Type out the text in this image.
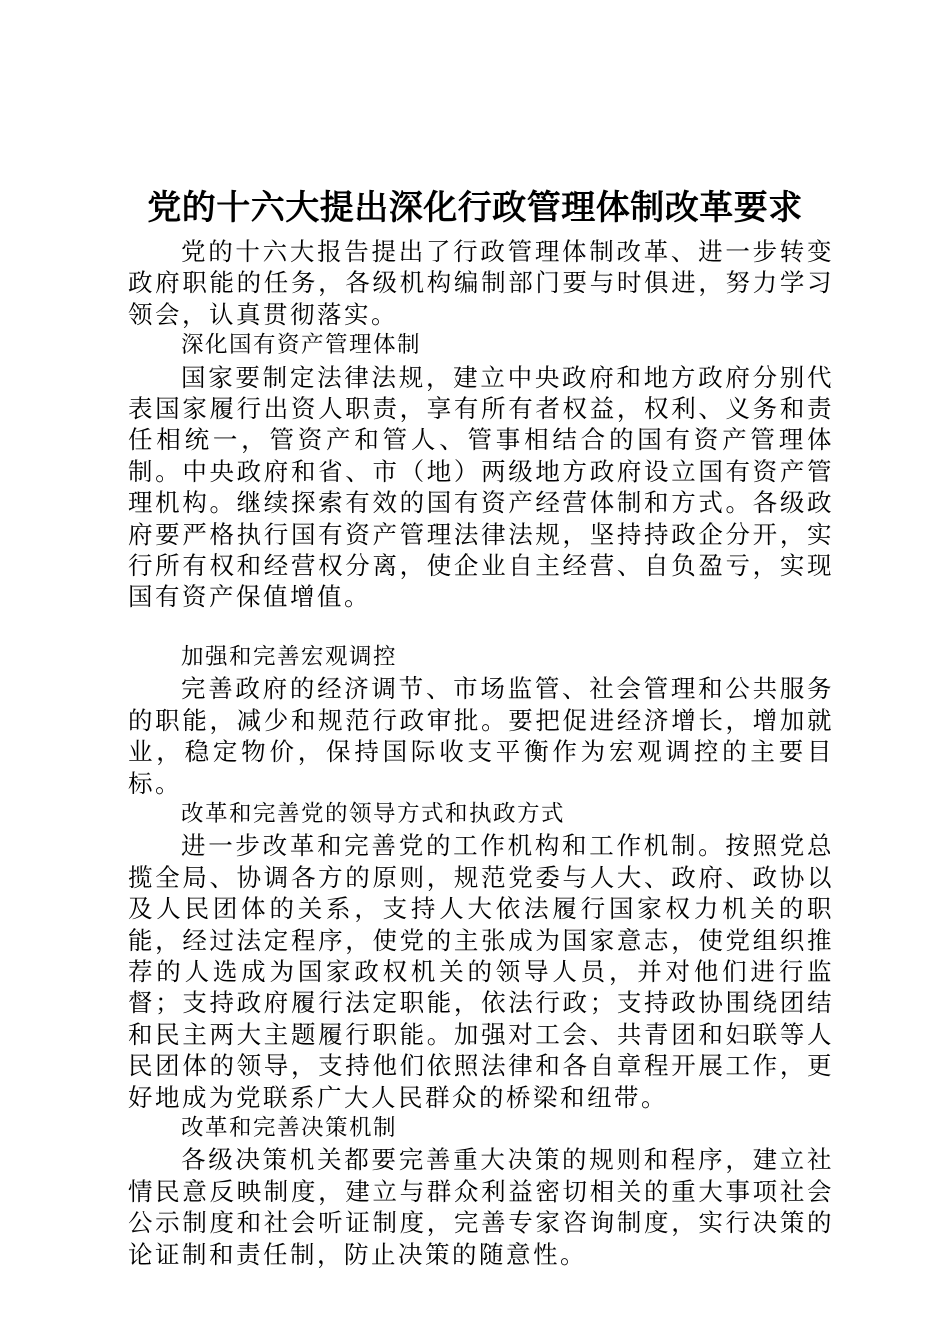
党的十六大提出深化行政管理体制改革要求

党的十六大报告提出了行政管理体制改革、进一步转变政府职能的任务，各级机构编制部门要与时俱进，努力学习领会，认真贯彻落实。

深化国有资产管理体制

国家要制定法律法规，建立中央政府和地方政府分别代表国家履行出资人职责，享有所有者权益，权利、义务和责任相统一，管资产和管人、管事相结合的国有资产管理体制。中央政府和省、市（地）两级地方政府设立国有资产管理机构。继续探索有效的国有资产经营体制和方式。各级政府要严格执行国有资产管理法律法规，坚持持政企分开，实行所有权和经营权分离，使企业自主经营、自负盈亏，实现国有资产保值增值。

加强和完善宏观调控

完善政府的经济调节、市场监管、社会管理和公共服务的职能，减少和规范行政审批。要把促进经济增长，增加就业，稳定物价，保持国际收支平衡作为宏观调控的主要目标。

改革和完善党的领导方式和执政方式

进一步改革和完善党的工作机构和工作机制。按照党总揽全局、协调各方的原则，规范党委与人大、政府、政协以及人民团体的关系，支持人大依法履行国家权力机关的职能，经过法定程序，使党的主张成为国家意志，使党组织推荐的人选成为国家政权机关的领导人员，并对他们进行监督；支持政府履行法定职能，依法行政；支持政协围绕团结和民主两大主题履行职能。加强对工会、共青团和妇联等人民团体的领导，支持他们依照法律和各自章程开展工作，更好地成为党联系广大人民群众的桥梁和纽带。

改革和完善决策机制

各级决策机关都要完善重大决策的规则和程序，建立社情民意反映制度，建立与群众利益密切相关的重大事项社会公示制度和社会听证制度，完善专家咨询制度，实行决策的论证制和责任制，防止决策的随意性。
